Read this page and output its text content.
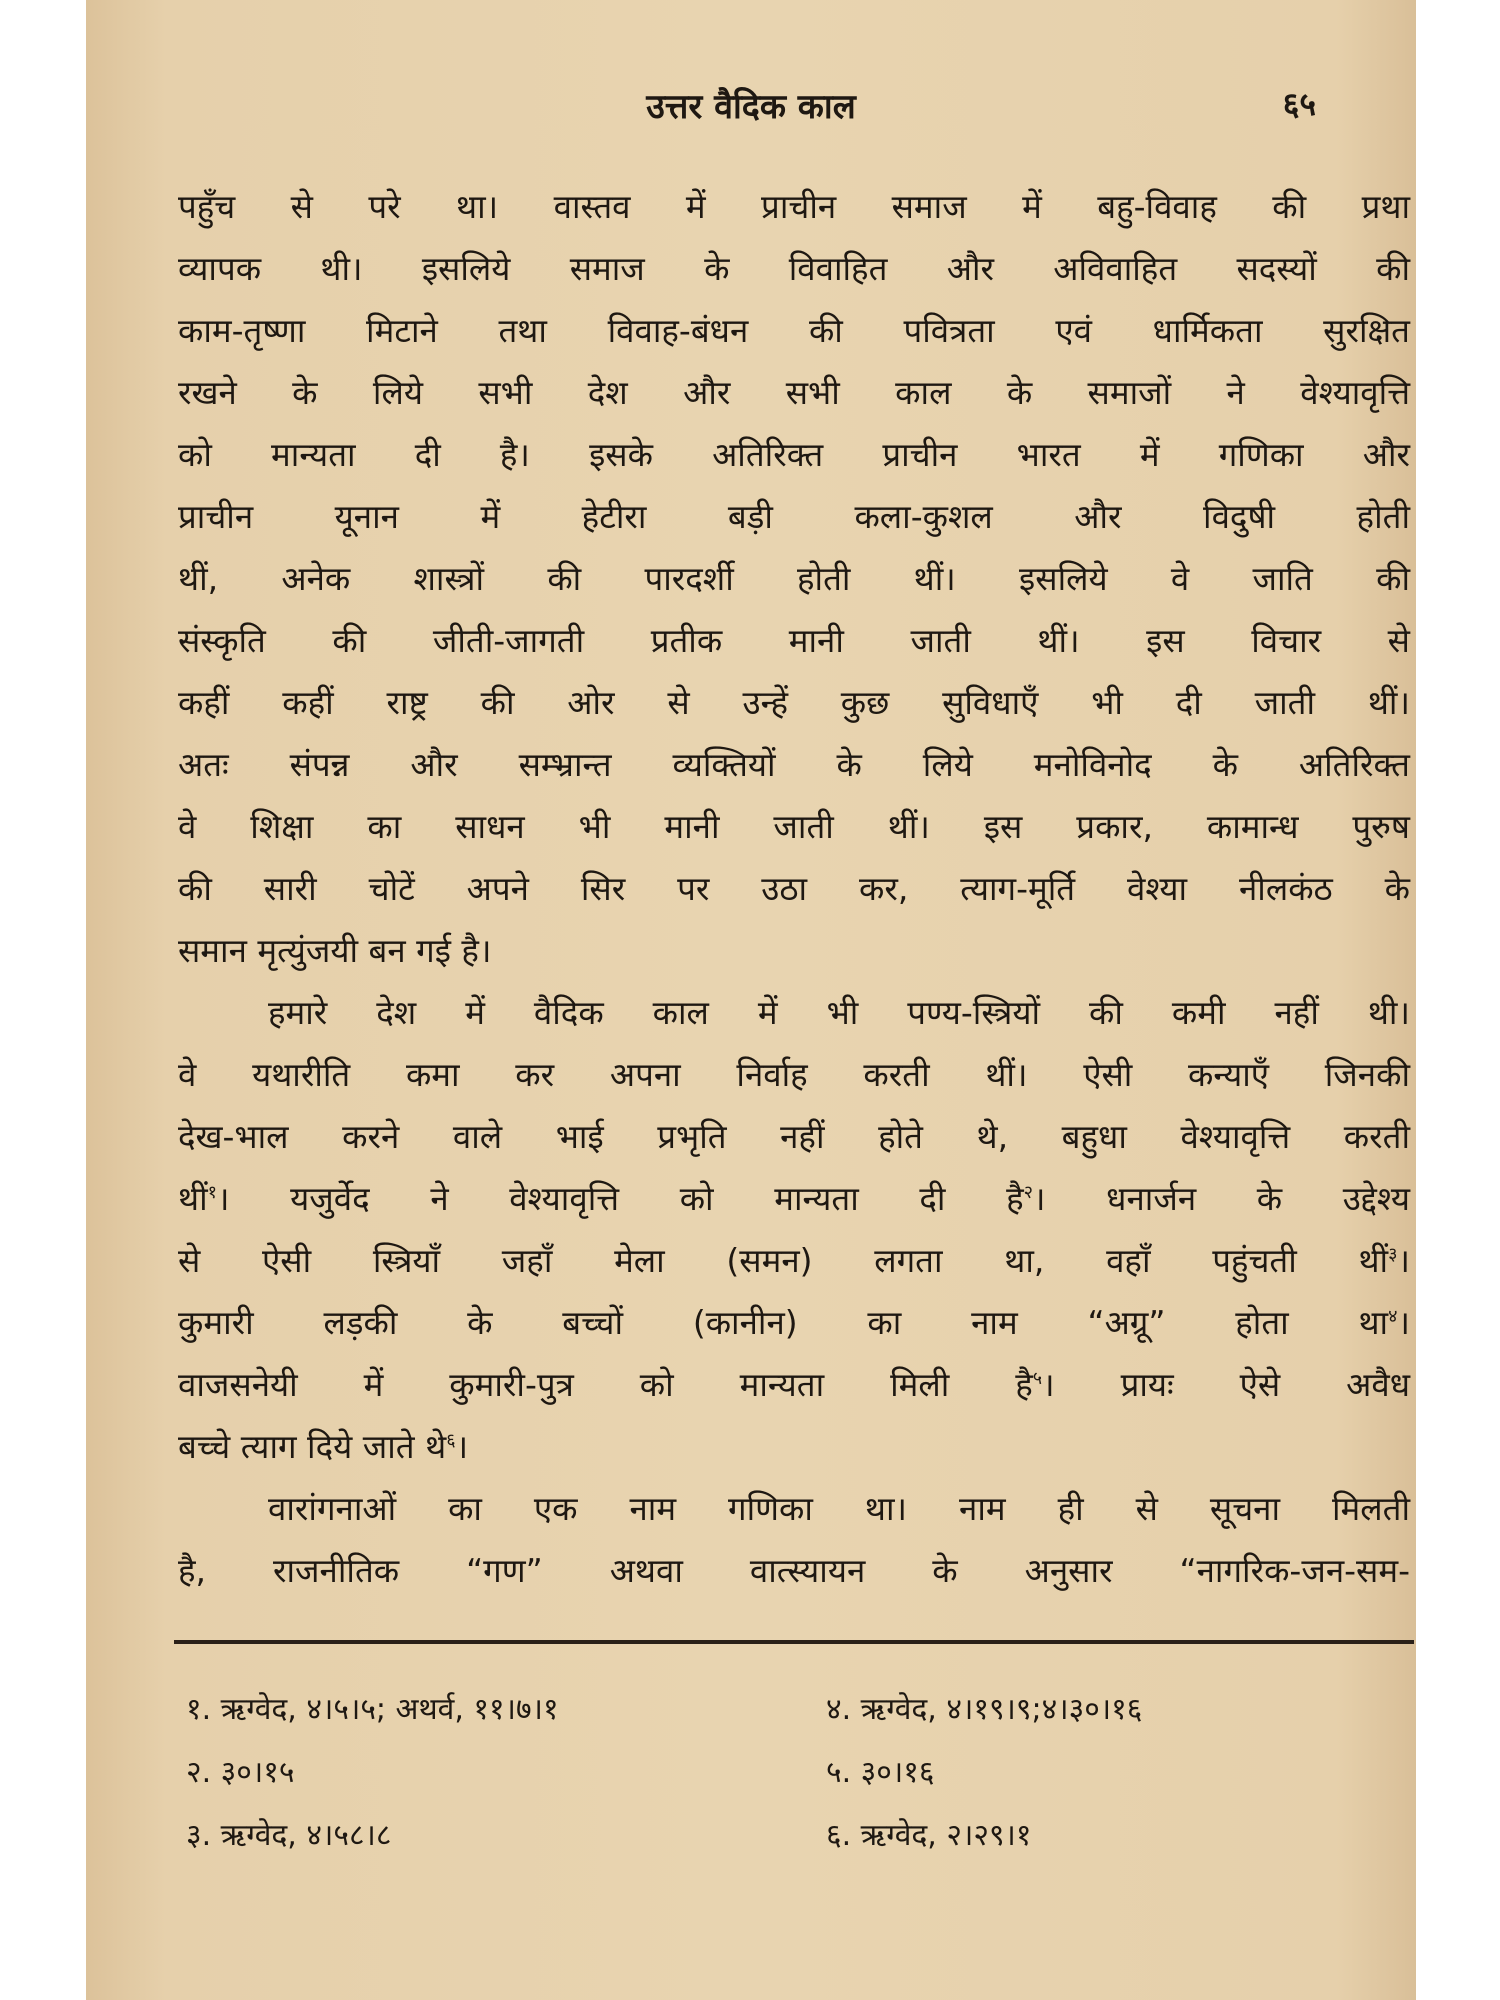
उत्तर वैदिक काल	६५
पहुँच से परे था। वास्तव में प्राचीन समाज में बहु-विवाह की प्रथा
व्यापक थी। इसलिये समाज के विवाहित और अविवाहित सदस्यों की
काम-तृष्णा मिटाने तथा विवाह-बंधन की पवित्रता एवं धार्मिकता सुरक्षित
रखने के लिये सभी देश और सभी काल के समाजों ने वेश्यावृत्ति
को मान्यता दी है। इसके अतिरिक्त प्राचीन भारत में गणिका और
प्राचीन यूनान में हेटीरा बड़ी कला-कुशल और विदुषी होती
थीं, अनेक शास्त्रों की पारदर्शी होती थीं। इसलिये वे जाति की
संस्कृति की जीती-जागती प्रतीक मानी जाती थीं। इस विचार से
कहीं कहीं राष्ट्र की ओर से उन्हें कुछ सुविधाएँ भी दी जाती थीं।
अतः संपन्न और सम्भ्रान्त व्यक्तियों के लिये मनोविनोद के अतिरिक्त
वे शिक्षा का साधन भी मानी जाती थीं। इस प्रकार, कामान्ध पुरुष
की सारी चोटें अपने सिर पर उठा कर, त्याग-मूर्ति वेश्या नीलकंठ के
समान मृत्युंजयी बन गई है।
हमारे देश में वैदिक काल में भी पण्य-स्त्रियों की कमी नहीं थी।
वे यथारीति कमा कर अपना निर्वाह करती थीं। ऐसी कन्याएँ जिनकी
देख-भाल करने वाले भाई प्रभृति नहीं होते थे, बहुधा वेश्यावृत्ति करती
थीं$^१$। यजुर्वेद ने वेश्यावृत्ति को मान्यता दी है$^२$। धनार्जन के उद्देश्य
से ऐसी स्त्रियाँ जहाँ मेला (समन) लगता था, वहाँ पहुंचती थीं$^३$।
कुमारी लड़की के बच्चों (कानीन) का नाम “अग्रू” होता था$^४$।
वाजसनेयी में कुमारी-पुत्र को मान्यता मिली है$^५$। प्रायः ऐसे अवैध
बच्चे त्याग दिये जाते थे$^६$।
वारांगनाओं का एक नाम गणिका था। नाम ही से सूचना मिलती
है, राजनीतिक “गण” अथवा वात्स्यायन के अनुसार “नागरिक-जन-सम-
१. ऋग्वेद, ४।५।५; अथर्व, ११।७।१	४. ऋग्वेद, ४।१९।९;४।३०।१६
२. ३०।१५	५. ३०।१६
३. ऋग्वेद, ४।५८।८	६. ऋग्वेद, २।२९।१
